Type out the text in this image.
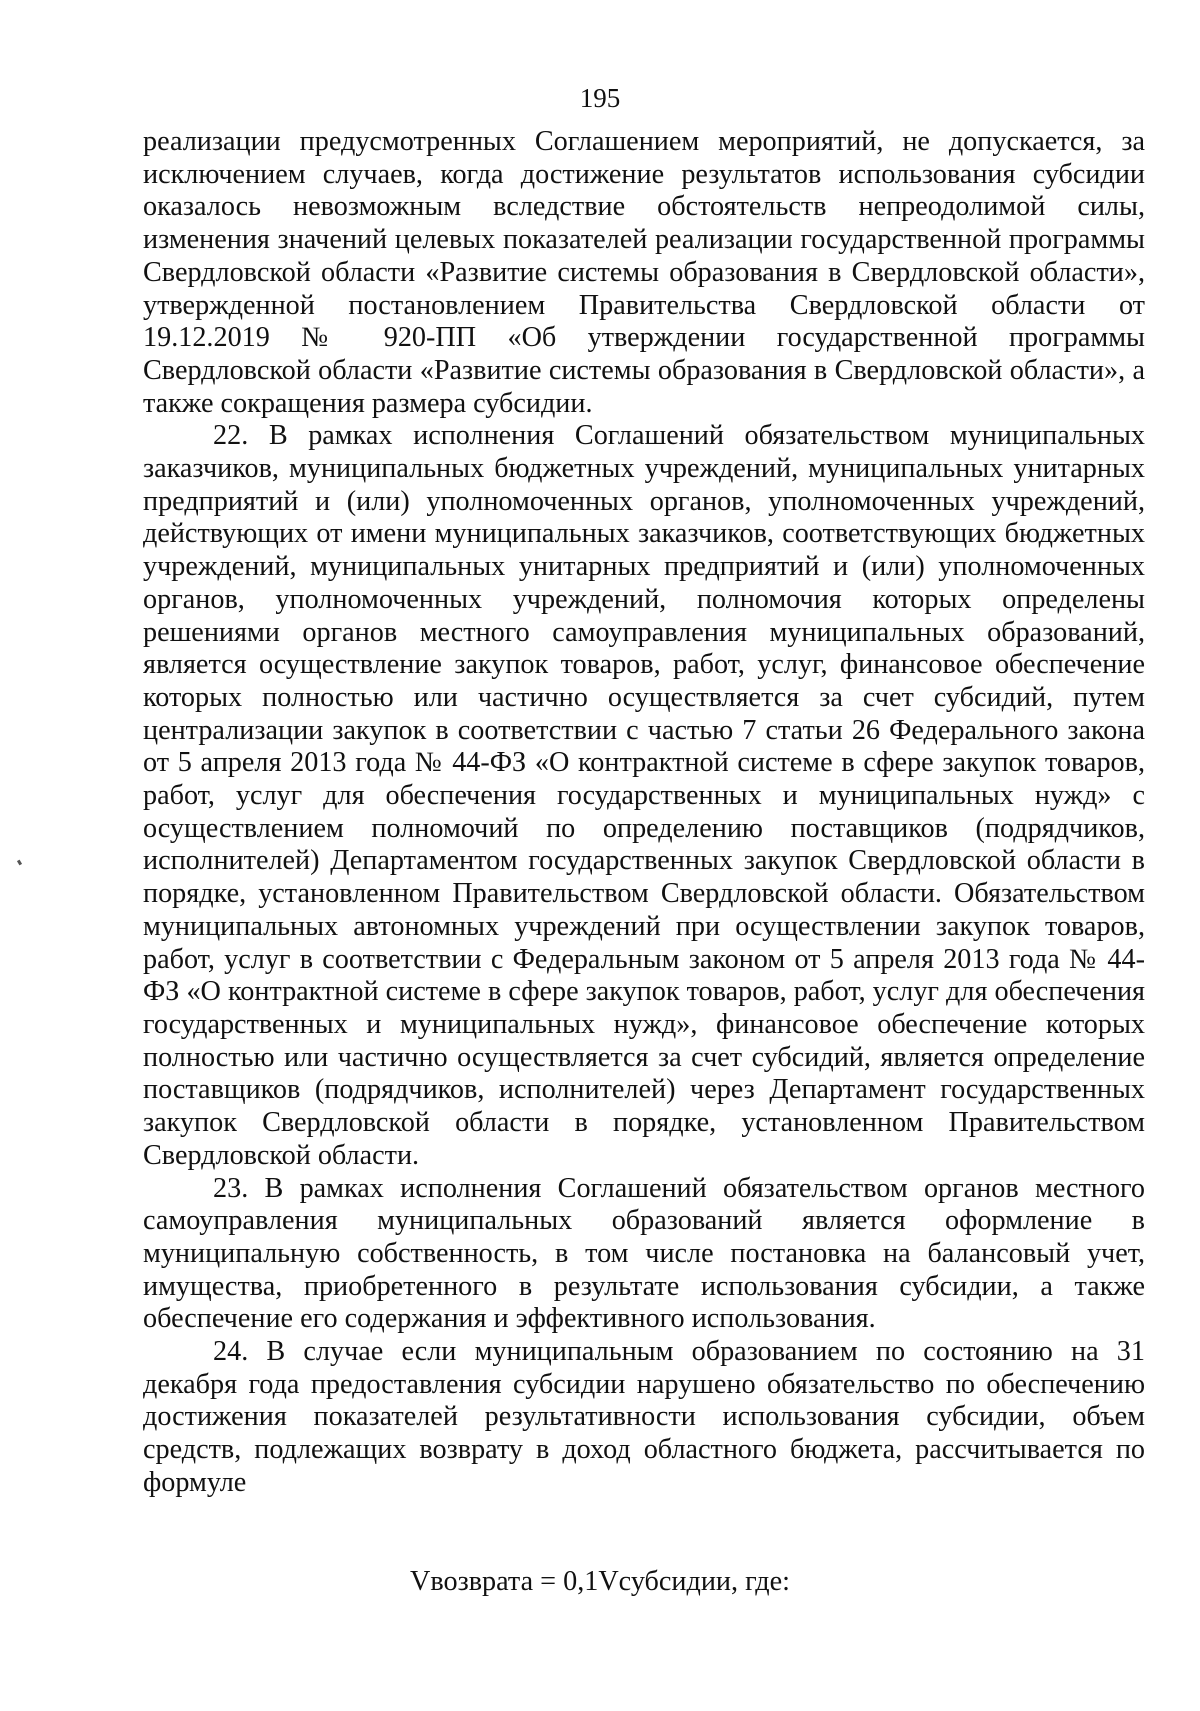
195

реализации предусмотренных Соглашением мероприятий, не допускается, за исключением случаев, когда достижение результатов использования субсидии оказалось невозможным вследствие обстоятельств непреодолимой силы, изменения значений целевых показателей реализации государственной программы Свердловской области «Развитие системы образования в Свердловской области», утвержденной постановлением Правительства Свердловской области от 19.12.2019 № 920-ПП «Об утверждении государственной программы Свердловской области «Развитие системы образования в Свердловской области», а также сокращения размера субсидии.

22. В рамках исполнения Соглашений обязательством муниципальных заказчиков, муниципальных бюджетных учреждений, муниципальных унитарных предприятий и (или) уполномоченных органов, уполномоченных учреждений, действующих от имени муниципальных заказчиков, соответствующих бюджетных учреждений, муниципальных унитарных предприятий и (или) уполномоченных органов, уполномоченных учреждений, полномочия которых определены решениями органов местного самоуправления муниципальных образований, является осуществление закупок товаров, работ, услуг, финансовое обеспечение которых полностью или частично осуществляется за счет субсидий, путем централизации закупок в соответствии с частью 7 статьи 26 Федерального закона от 5 апреля 2013 года № 44-ФЗ «О контрактной системе в сфере закупок товаров, работ, услуг для обеспечения государственных и муниципальных нужд» с осуществлением полномочий по определению поставщиков (подрядчиков, исполнителей) Департаментом государственных закупок Свердловской области в порядке, установленном Правительством Свердловской области. Обязательством муниципальных автономных учреждений при осуществлении закупок товаров, работ, услуг в соответствии с Федеральным законом от 5 апреля 2013 года № 44-ФЗ «О контрактной системе в сфере закупок товаров, работ, услуг для обеспечения государственных и муниципальных нужд», финансовое обеспечение которых полностью или частично осуществляется за счет субсидий, является определение поставщиков (подрядчиков, исполнителей) через Департамент государственных закупок Свердловской области в порядке, установленном Правительством Свердловской области.

23. В рамках исполнения Соглашений обязательством органов местного самоуправления муниципальных образований является оформление в муниципальную собственность, в том числе постановка на балансовый учет, имущества, приобретенного в результате использования субсидии, а также обеспечение его содержания и эффективного использования.

24. В случае если муниципальным образованием по состоянию на 31 декабря года предоставления субсидии нарушено обязательство по обеспечению достижения показателей результативности использования субсидии, объем средств, подлежащих возврату в доход областного бюджета, рассчитывается по формуле

Vвозврата = 0,1Vсубсидии, где:
